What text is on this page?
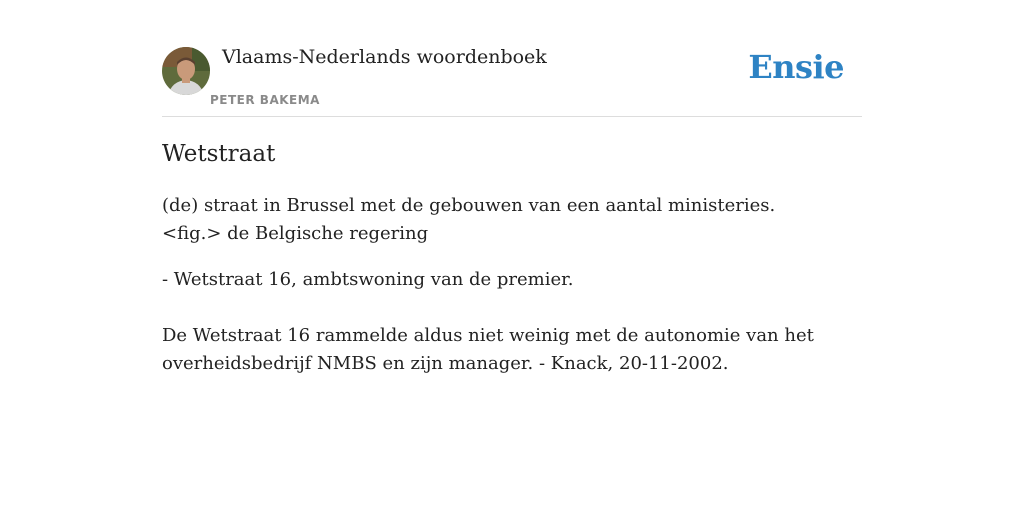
Vlaams-Nederlands woordenboek
PETER BAKEMA
Ensie
Wetstraat

(de) straat in Brussel met de gebouwen van een aantal ministeries.<fig.> de Belgische regering

- Wetstraat 16, ambtswoning van de premier.

De Wetstraat 16 rammelde aldus niet weinig met de autonomie van het overheidsbedrijf NMBS en zijn manager. - Knack, 20-11-2002.
